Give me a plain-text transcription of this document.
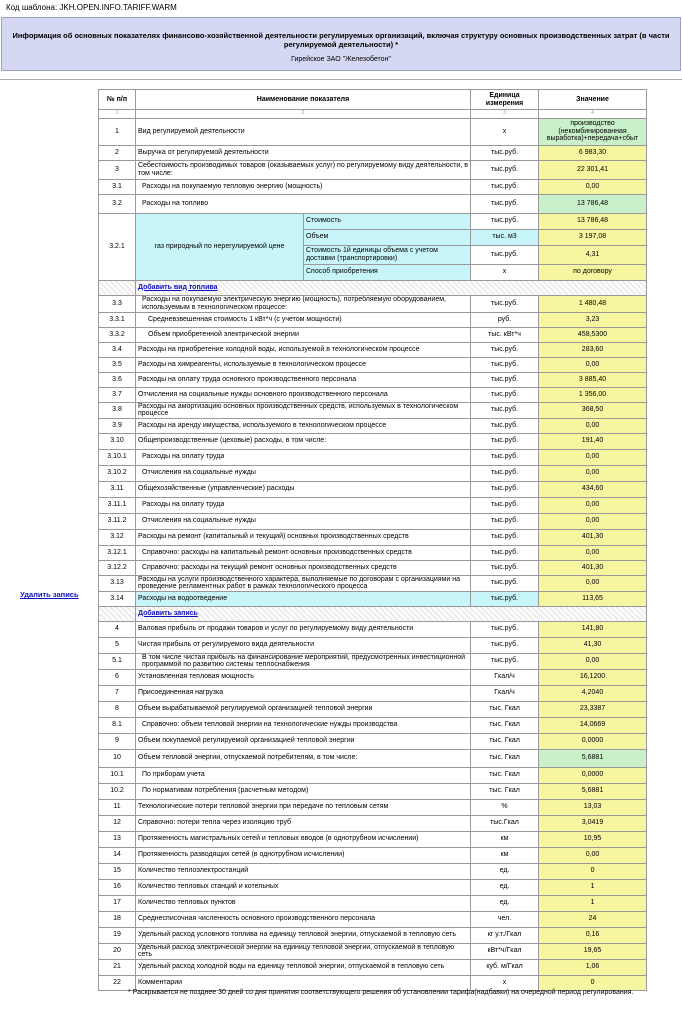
Код шаблона: JKH.OPEN.INFO.TARIFF.WARM
Информация об основных показателях финансово-хозяйственной деятельности регулируемых организаций, включая структуру основных производственных затрат (в части регулируемой деятельности) *
Гирейское ЗАО "Железобетон"
Удалить запись
№ п/п	Наименование показателя		Единица измерения	Значение
1	2		3	4
1	Вид регулируемой деятельности		x	производство (некомбинированная выработка)+передача+сбыт
2	Выручка от регулируемой деятельности		тыс.руб.	6 983,30
3	Себестоимость производимых товаров (оказываемых услуг) по регулируемому виду деятельности, в том числе:		тыс.руб.	22 301,41
3.1	Расходы на покупаемую тепловую энергию (мощность)		тыс.руб.	0,00
3.2	Расходы на топливо		тыс.руб.	13 786,48
3.2.1	газ природный по нерегулируемой цене	Стоимость	тыс.руб.	13 786,48
		Объем	тыс. м3	3 197,08
		Стоимость 1й единицы объема с учетом доставки (транспортировки)	тыс.руб.	4,31
		Способ приобретения	x	по договору
	Добавить вид топлива			
3.3	Расходы на покупаемую электрическую энергию (мощность), потребляемую оборудованием, используемым в технологическом процессе:		тыс.руб.	1 480,48
3.3.1	Средневзвешенная стоимость 1 кВт*ч (с учетом мощности)		руб.	3,23
3.3.2	Объем приобретенной электрической энергии		тыс. кВт*ч	458,5300
3.4	Расходы на приобретение холодной воды, используемой в технологическом процессе		тыс.руб.	283,60
3.5	Расходы на химреагенты, используемые в технологическом процессе		тыс.руб.	0,00
3.6	Расходы на оплату труда основного производственного персонала		тыс.руб.	3 885,40
3.7	Отчисления на социальные нужды основного производственного персонала		тыс.руб.	1 356,00
3.8	Расходы на амортизацию основных производственных средств, используемых в технологическом процессе		тыс.руб.	368,50
3.9	Расходы на аренду имущества, используемого в технологическом процессе		тыс.руб.	0,00
3.10	Общепроизводственные (цеховые) расходы, в том числе:		тыс.руб.	191,40
3.10.1	Расходы на оплату труда		тыс.руб.	0,00
3.10.2	Отчисления на социальные нужды		тыс.руб.	0,00
3.11	Общехозяйственные (управленческие) расходы		тыс.руб.	434,60
3.11.1	Расходы на оплату труда		тыс.руб.	0,00
3.11.2	Отчисления на социальные нужды		тыс.руб.	0,00
3.12	Расходы на ремонт (капитальный и текущий) основных производственных средств		тыс.руб.	401,30
3.12.1	Справочно: расходы на капитальный ремонт основных производственных средств		тыс.руб.	0,00
3.12.2	Справочно: расходы на текущий ремонт основных производственных средств		тыс.руб.	401,30
3.13	Расходы на услуги производственного характера, выполняемые по договорам с организациями на проведение регламентных работ в рамках технологического процесса		тыс.руб.	0,00
3.14	Расходы на водоотведение		тыс.руб.	113,65
	Добавить запись			
4	Валовая прибыль от продажи товаров и услуг по регулируемому виду деятельности		тыс.руб.	141,80
5	Чистая прибыль от регулируемого вида деятельности		тыс.руб.	41,30
5.1	В том числе чистая прибыль на финансирование мероприятий, предусмотренных инвестиционной программой по развитию системы теплоснабжения		тыс.руб.	0,00
6	Установленная тепловая мощность		Гкал/ч	16,1200
7	Присоединенная нагрузка		Гкал/ч	4,2040
8	Объем вырабатываемой регулируемой организацией тепловой энергии		тыс. Гкал	23,3387
8.1	Справочно: объем тепловой энергии на технологические нужды производства		тыс. Гкал	14,0669
9	Объем покупаемой регулируемой организацией тепловой энергии		тыс. Гкал	0,0000
10	Объем тепловой энергии, отпускаемой потребителям, в том числе:		тыс. Гкал	5,6881
10.1	По приборам учета		тыс. Гкал	0,0000
10.2	По нормативам потребления (расчетным методом)		тыс. Гкал	5,6881
11	Технологические потери тепловой энергии при передаче по тепловым сетям		%	13,03
12	Справочно: потери тепла через изоляцию труб		тыс.Гкал	3,0419
13	Протяженность магистральных сетей и тепловых вводов (в однотрубном исчислении)		км	10,95
14	Протяженность разводящих сетей (в однотрубном исчислении)		км	0,00
15	Количество теплоэлектростанций		ед.	0
16	Количество тепловых станций и котельных		ед.	1
17	Количество тепловых пунктов		ед.	1
18	Среднесписочная численность основного производственного персонала		чел.	24
19	Удельный расход условного топлива на единицу тепловой энергии, отпускаемой в тепловую сеть		кг у.т./Гкал	0,16
20	Удельный расход электрической энергии на единицу тепловой энергии, отпускаемой в тепловую сеть		кВт*ч/Гкал	19,65
21	Удельный расход холодной воды на единицу тепловой энергии, отпускаемой в тепловую сеть		куб. м/Гкал	1,06
22	Комментарии		x	0
* Раскрывается не позднее 30 дней со дня принятия соответствующего решения об установлении тарифа(надбавки) на очередной период регулирования.
